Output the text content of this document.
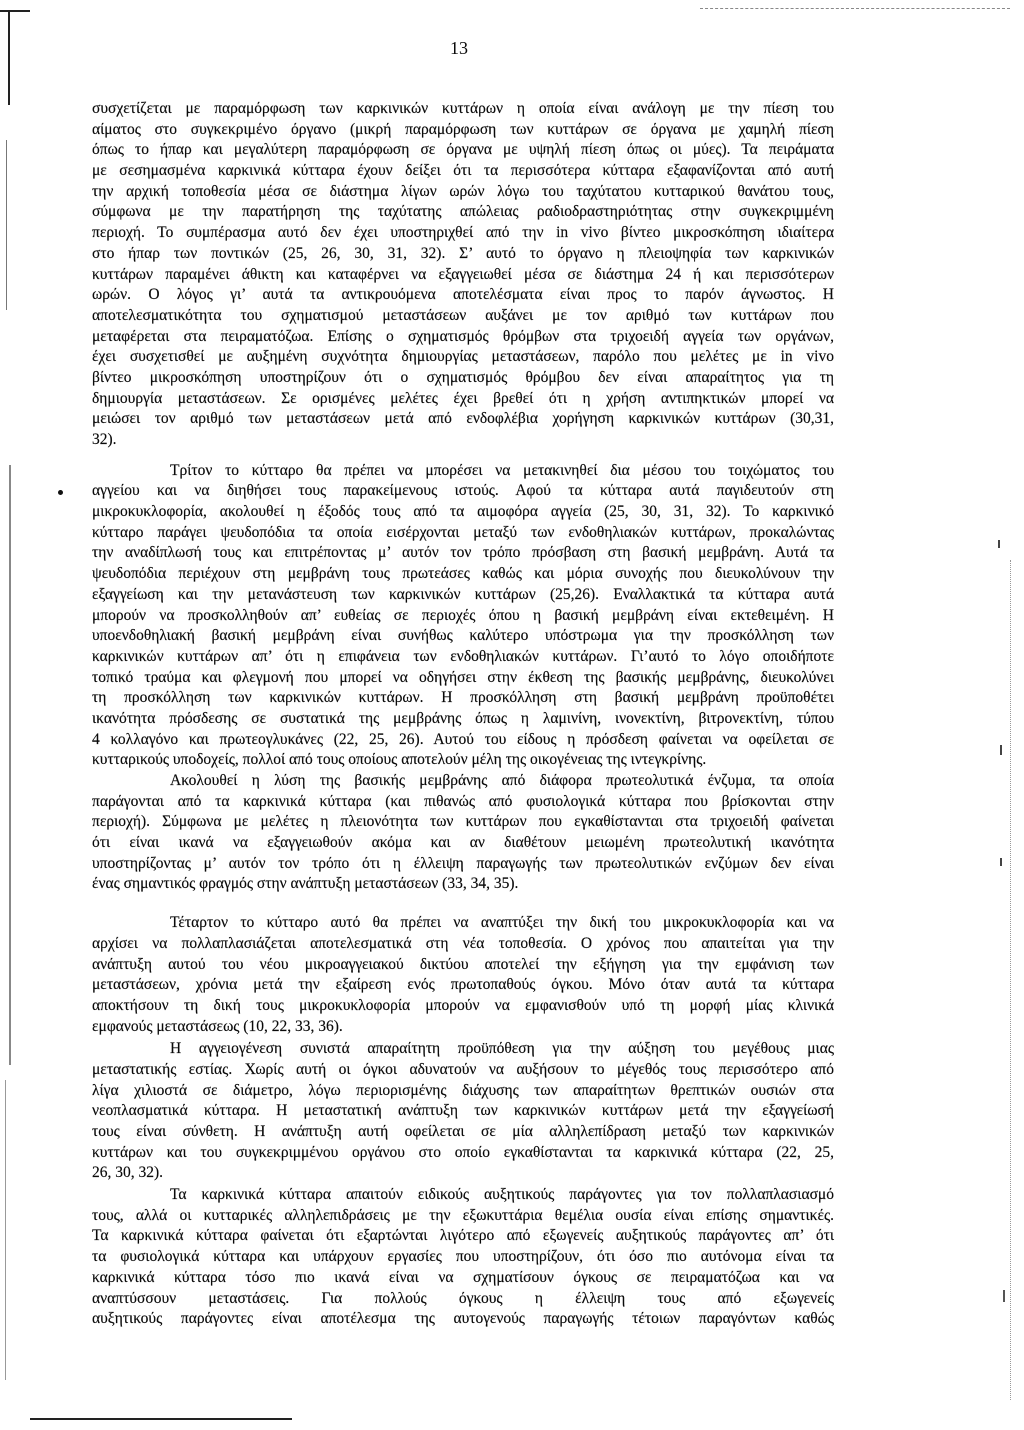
13
συσχετίζεται με παραμόρφωση των καρκινικών κυττάρων η οποία είναι ανάλογη με την πίεση του
αίματος στο συγκεκριμένο όργανο (μικρή παραμόρφωση των κυττάρων σε όργανα με χαμηλή πίεση
όπως το ήπαρ και μεγαλύτερη παραμόρφωση σε όργανα με υψηλή πίεση όπως οι μύες). Τα πειράματα
με σεσημασμένα καρκινικά κύτταρα έχουν δείξει ότι τα περισσότερα κύτταρα εξαφανίζονται από αυτή
την αρχική τοποθεσία μέσα σε διάστημα λίγων ωρών λόγω του ταχύτατου κυτταρικού θανάτου τους,
σύμφωνα με την παρατήρηση της ταχύτατης απώλειας ραδιοδραστηριότητας στην συγκεκριμμένη
περιοχή. Το συμπέρασμα αυτό δεν έχει υποστηριχθεί από την in vivo βίντεο μικροσκόπηση ιδιαίτερα
στο ήπαρ των ποντικών (25, 26, 30, 31, 32). Σ’ αυτό το όργανο η πλειοψηφία των καρκινικών
κυττάρων παραμένει άθικτη και καταφέρνει να εξαγγειωθεί μέσα σε διάστημα 24 ή και περισσότερων
ωρών. Ο λόγος γι’ αυτά τα αντικρουόμενα αποτελέσματα είναι προς το παρόν άγνωστος. Η
αποτελεσματικότητα του σχηματισμού μεταστάσεων αυξάνει με τον αριθμό των κυττάρων που
μεταφέρεται στα πειραματόζωα. Επίσης ο σχηματισμός θρόμβων στα τριχοειδή αγγεία των οργάνων,
έχει συσχετισθεί με αυξημένη συχνότητα δημιουργίας μεταστάσεων, παρόλο που μελέτες με in vivo
βίντεο μικροσκόπηση υποστηρίζουν ότι ο σχηματισμός θρόμβου δεν είναι απαραίτητος για τη
δημιουργία μεταστάσεων. Σε ορισμένες μελέτες έχει βρεθεί ότι η χρήση αντιπηκτικών μπορεί να
μειώσει τον αριθμό των μεταστάσεων μετά από ενδοφλέβια χορήγηση καρκινικών κυττάρων (30,31,
32).
Τρίτον το κύτταρο θα πρέπει να μπορέσει να μετακινηθεί δια μέσου του τοιχώματος του
αγγείου και να διηθήσει τους παρακείμενους ιστούς. Αφού τα κύτταρα αυτά παγιδευτούν στη
μικροκυκλοφορία, ακολουθεί η έξοδός τους από τα αιμοφόρα αγγεία (25, 30, 31, 32). Το καρκινικό
κύτταρο παράγει ψευδοπόδια τα οποία εισέρχονται μεταξύ των ενδοθηλιακών κυττάρων, προκαλώντας
την αναδίπλωσή τους και επιτρέποντας μ’ αυτόν τον τρόπο πρόσβαση στη βασική μεμβράνη. Αυτά τα
ψευδοπόδια περιέχουν στη μεμβράνη τους πρωτεάσες καθώς και μόρια συνοχής που διευκολύνουν την
εξαγγείωση και την μετανάστευση των καρκινικών κυττάρων (25,26). Εναλλακτικά τα κύτταρα αυτά
μπορούν να προσκολληθούν απ’ ευθείας σε περιοχές όπου η βασική μεμβράνη είναι εκτεθειμένη. Η
υποενδοθηλιακή βασική μεμβράνη είναι συνήθως καλύτερο υπόστρωμα για την προσκόλληση των
καρκινικών κυττάρων απ’ ότι η επιφάνεια των ενδοθηλιακών κυττάρων. Γι’αυτό το λόγο οποιδήποτε
τοπικό τραύμα και φλεγμονή που μπορεί να οδηγήσει στην έκθεση της βασικής μεμβράνης, διευκολύνει
τη προσκόλληση των καρκινικών κυττάρων. Η προσκόλληση στη βασική μεμβράνη προϋποθέτει
ικανότητα πρόσδεσης σε συστατικά της μεμβράνης όπως η λαμινίνη, ινονεκτίνη, βιτρονεκτίνη, τύπου
4 κολλαγόνο και πρωτεογλυκάνες (22, 25, 26). Αυτού του είδους η πρόσδεση φαίνεται να οφείλεται σε
κυτταρικούς υποδοχείς, πολλοί από τους οποίους αποτελούν μέλη της οικογένειας της ιντεγκρίνης.
Ακολουθεί η λύση της βασικής μεμβράνης από διάφορα πρωτεολυτικά ένζυμα, τα οποία
παράγονται από τα καρκινικά κύτταρα (και πιθανώς από φυσιολογικά κύτταρα που βρίσκονται στην
περιοχή). Σύμφωνα με μελέτες η πλειονότητα των κυττάρων που εγκαθίστανται στα τριχοειδή φαίνεται
ότι είναι ικανά να εξαγγειωθούν ακόμα και αν διαθέτουν μειωμένη πρωτεολυτική ικανότητα
υποστηρίζοντας μ’ αυτόν τον τρόπο ότι η έλλειψη παραγωγής των πρωτεολυτικών ενζύμων δεν είναι
ένας σημαντικός φραγμός στην ανάπτυξη μεταστάσεων (33, 34, 35).
Τέταρτον το κύτταρο αυτό θα πρέπει να αναπτύξει την δική του μικροκυκλοφορία και να
αρχίσει να πολλαπλασιάζεται αποτελεσματικά στη νέα τοποθεσία. Ο χρόνος που απαιτείται για την
ανάπτυξη αυτού του νέου μικροαγγειακού δικτύου αποτελεί την εξήγηση για την εμφάνιση των
μεταστάσεων, χρόνια μετά την εξαίρεση ενός πρωτοπαθούς όγκου. Μόνο όταν αυτά τα κύτταρα
αποκτήσουν τη δική τους μικροκυκλοφορία μπορούν να εμφανισθούν υπό τη μορφή μίας κλινικά
εμφανούς μεταστάσεως (10, 22, 33, 36).
Η αγγειογένεση συνιστά απαραίτητη προϋπόθεση για την αύξηση του μεγέθους μιας
μεταστατικής εστίας. Χωρίς αυτή οι όγκοι αδυνατούν να αυξήσουν το μέγεθός τους περισσότερο από
λίγα χιλιοστά σε διάμετρο, λόγω περιορισμένης διάχυσης των απαραίτητων θρεπτικών ουσιών στα
νεοπλασματικά κύτταρα. Η μεταστατική ανάπτυξη των καρκινικών κυττάρων μετά την εξαγγείωσή
τους είναι σύνθετη. Η ανάπτυξη αυτή οφείλεται σε μία αλληλεπίδραση μεταξύ των καρκινικών
κυττάρων και του συγκεκριμμένου οργάνου στο οποίο εγκαθίστανται τα καρκινικά κύτταρα (22, 25,
26, 30, 32).
Τα καρκινικά κύτταρα απαιτούν ειδικούς αυξητικούς παράγοντες για τον πολλαπλασιασμό
τους, αλλά οι κυτταρικές αλληλεπιδράσεις με την εξωκυττάρια θεμέλια ουσία είναι επίσης σημαντικές.
Τα καρκινικά κύτταρα φαίνεται ότι εξαρτώνται λιγότερο από εξωγενείς αυξητικούς παράγοντες απ’ ότι
τα φυσιολογικά κύτταρα και υπάρχουν εργασίες που υποστηρίζουν, ότι όσο πιο αυτόνομα είναι τα
καρκινικά κύτταρα τόσο πιο ικανά είναι να σχηματίσουν όγκους σε πειραματόζωα και να
αναπτύσσουν μεταστάσεις. Για πολλούς όγκους η έλλειψη τους από εξωγενείς
αυξητικούς παράγοντες είναι αποτέλεσμα της αυτογενούς παραγωγής τέτοιων παραγόντων καθώς
